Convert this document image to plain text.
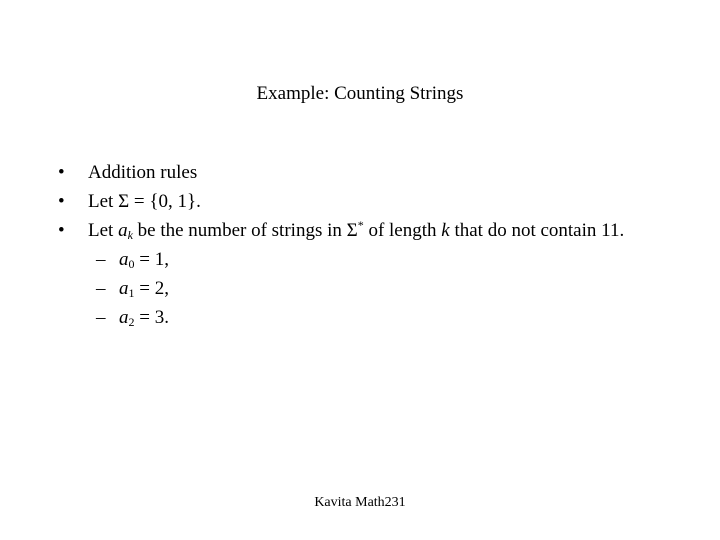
Example: Counting Strings
• Addition rules
• Let Σ = {0, 1}.
• Let $a_k$ be the number of strings in Σ* of length k that do not contain 11.
– $a_0 = 1$,
– $a_1 = 2$,
– $a_2 = 3$.
Kavita Math231
